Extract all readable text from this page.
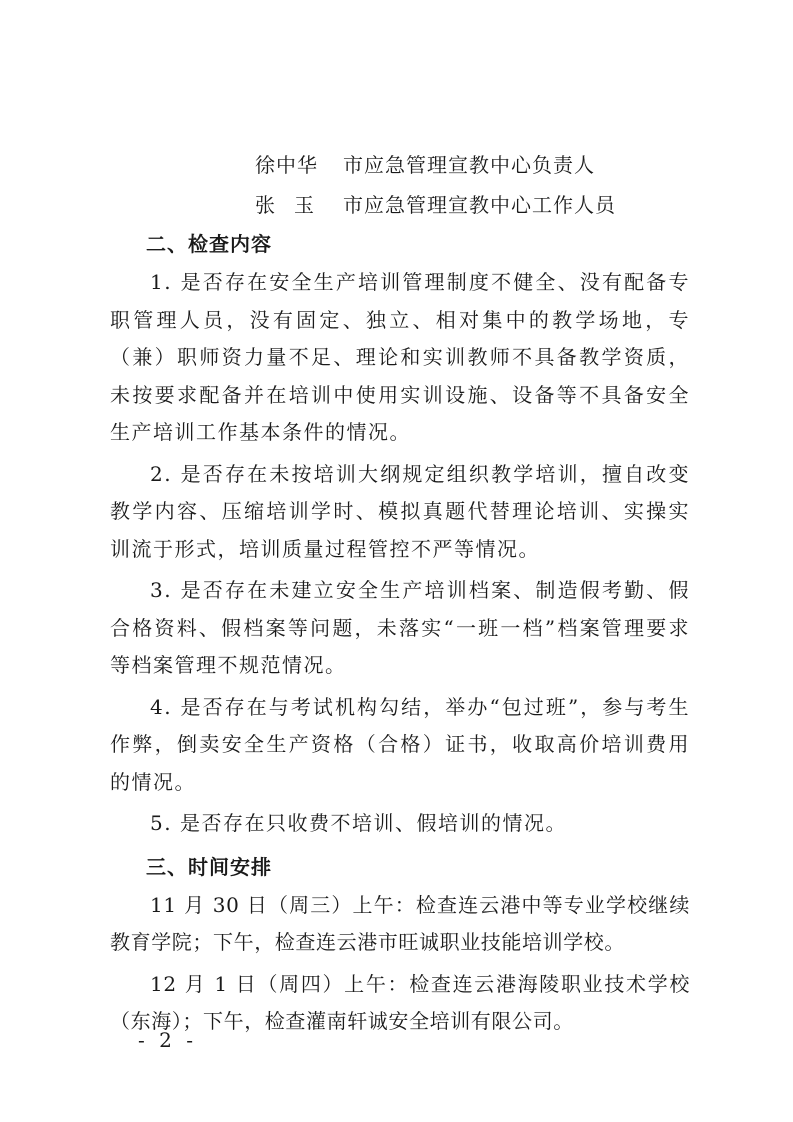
徐中华 市应急管理宣教中心负责人
张玉 市应急管理宣教中心工作人员
二、检查内容

1. 是否存在安全生产培训管理制度不健全、没有配备专职管理人员，没有固定、独立、相对集中的教学场地，专（兼）职师资力量不足、理论和实训教师不具备教学资质，未按要求配备并在培训中使用实训设施、设备等不具备安全生产培训工作基本条件的情况。

2. 是否存在未按培训大纲规定组织教学培训，擅自改变教学内容、压缩培训学时、模拟真题代替理论培训、实操实训流于形式，培训质量过程管控不严等情况。

3. 是否存在未建立安全生产培训档案、制造假考勤、假合格资料、假档案等问题，未落实“一班一档”档案管理要求等档案管理不规范情况。

4. 是否存在与考试机构勾结，举办“包过班”，参与考生作弊，倒卖安全生产资格（合格）证书，收取高价培训费用的情况。

5. 是否存在只收费不培训、假培训的情况。

三、时间安排

11 月 30 日（周三）上午：检查连云港中等专业学校继续教育学院；下午，检查连云港市旺诚职业技能培训学校。

12 月 1 日（周四）上午：检查连云港海陵职业技术学校（东海）；下午，检查灌南轩诚安全培训有限公司。

- 2 -
